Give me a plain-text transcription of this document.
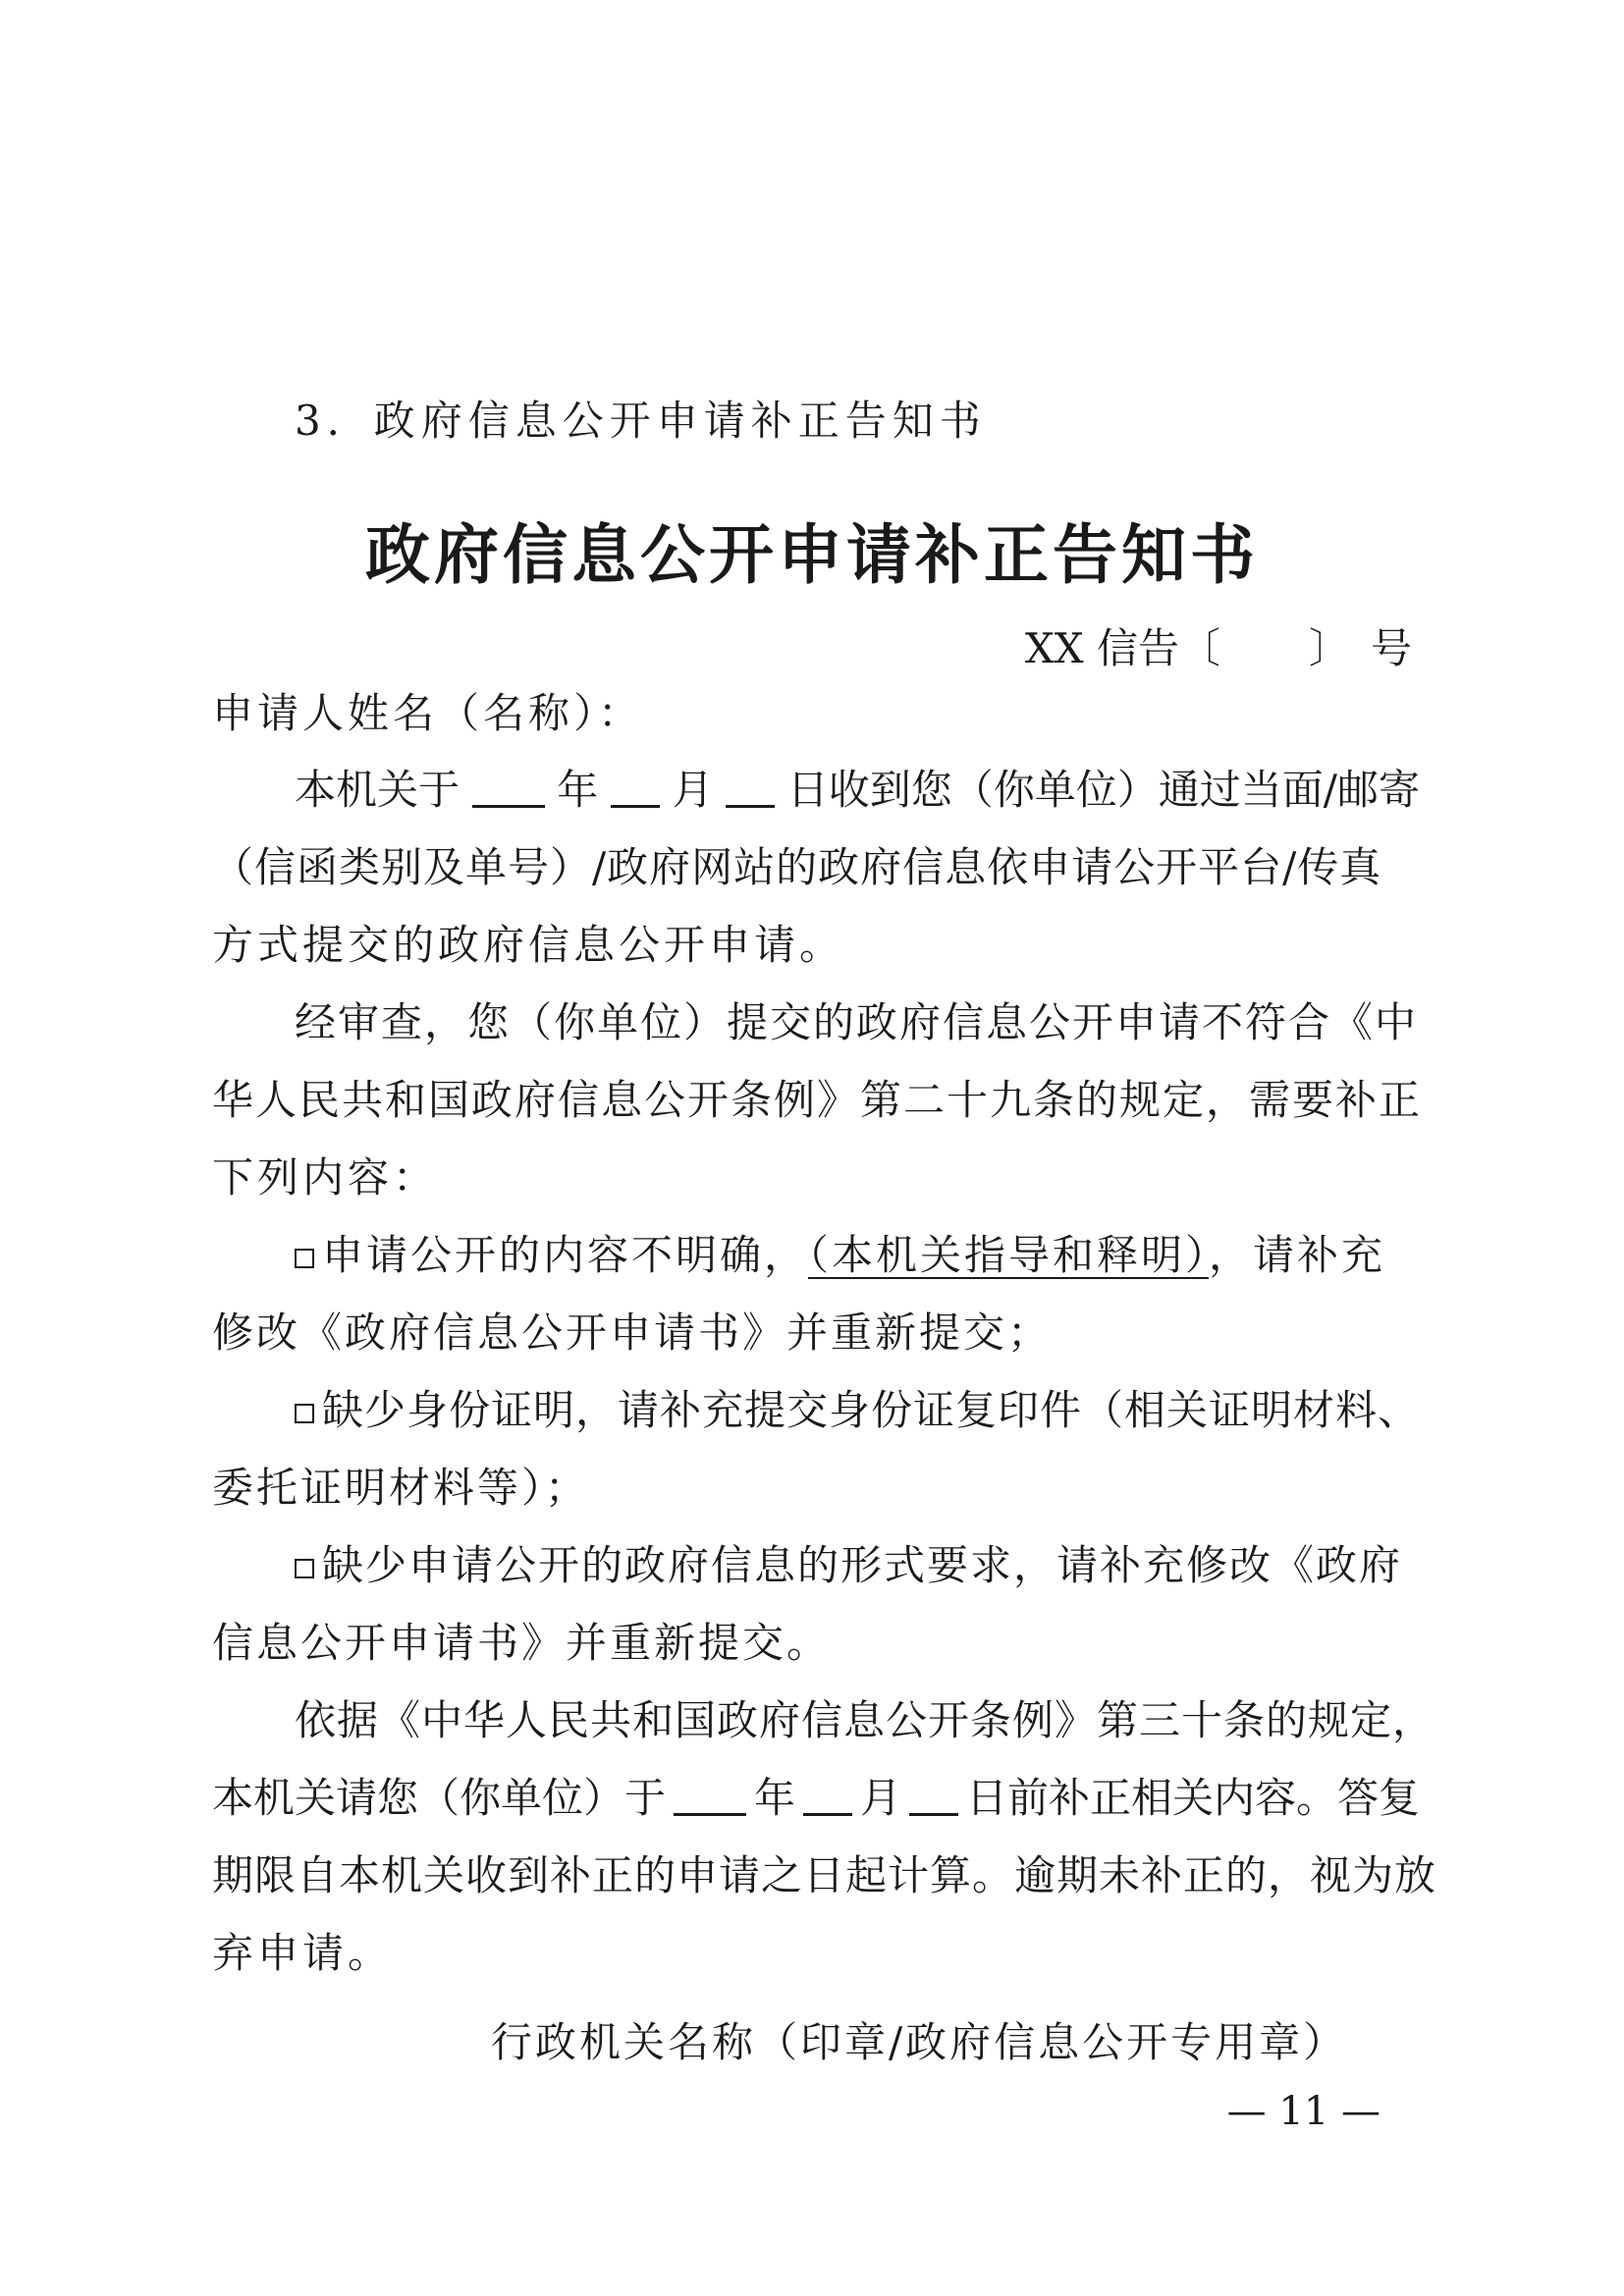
3．政府信息公开申请补正告知书
政府信息公开申请补正告知书
XX 信告〔 〕　号
申请人姓名（名称）：
本机关于 年 月 日收到您（你单位）通过当面/邮寄
（信函类别及单号）/政府网站的政府信息依申请公开平台/传真
方式提交的政府信息公开申请。
经审查，您（你单位）提交的政府信息公开申请不符合《中
华人民共和国政府信息公开条例》第二十九条的规定，需要补正
下列内容：
申请公开的内容不明确，（本机关指导和释明），请补充
修改《政府信息公开申请书》并重新提交；
缺少身份证明，请补充提交身份证复印件（相关证明材料、
委托证明材料等）；
缺少申请公开的政府信息的形式要求，请补充修改《政府
信息公开申请书》并重新提交。
依据《中华人民共和国政府信息公开条例》第三十条的规定，
本机关请您（你单位）于 年 月 日前补正相关内容。答复
期限自本机关收到补正的申请之日起计算。逾期未补正的，视为放
弃申请。
行政机关名称（印章/政府信息公开专用章）
— 11 —
